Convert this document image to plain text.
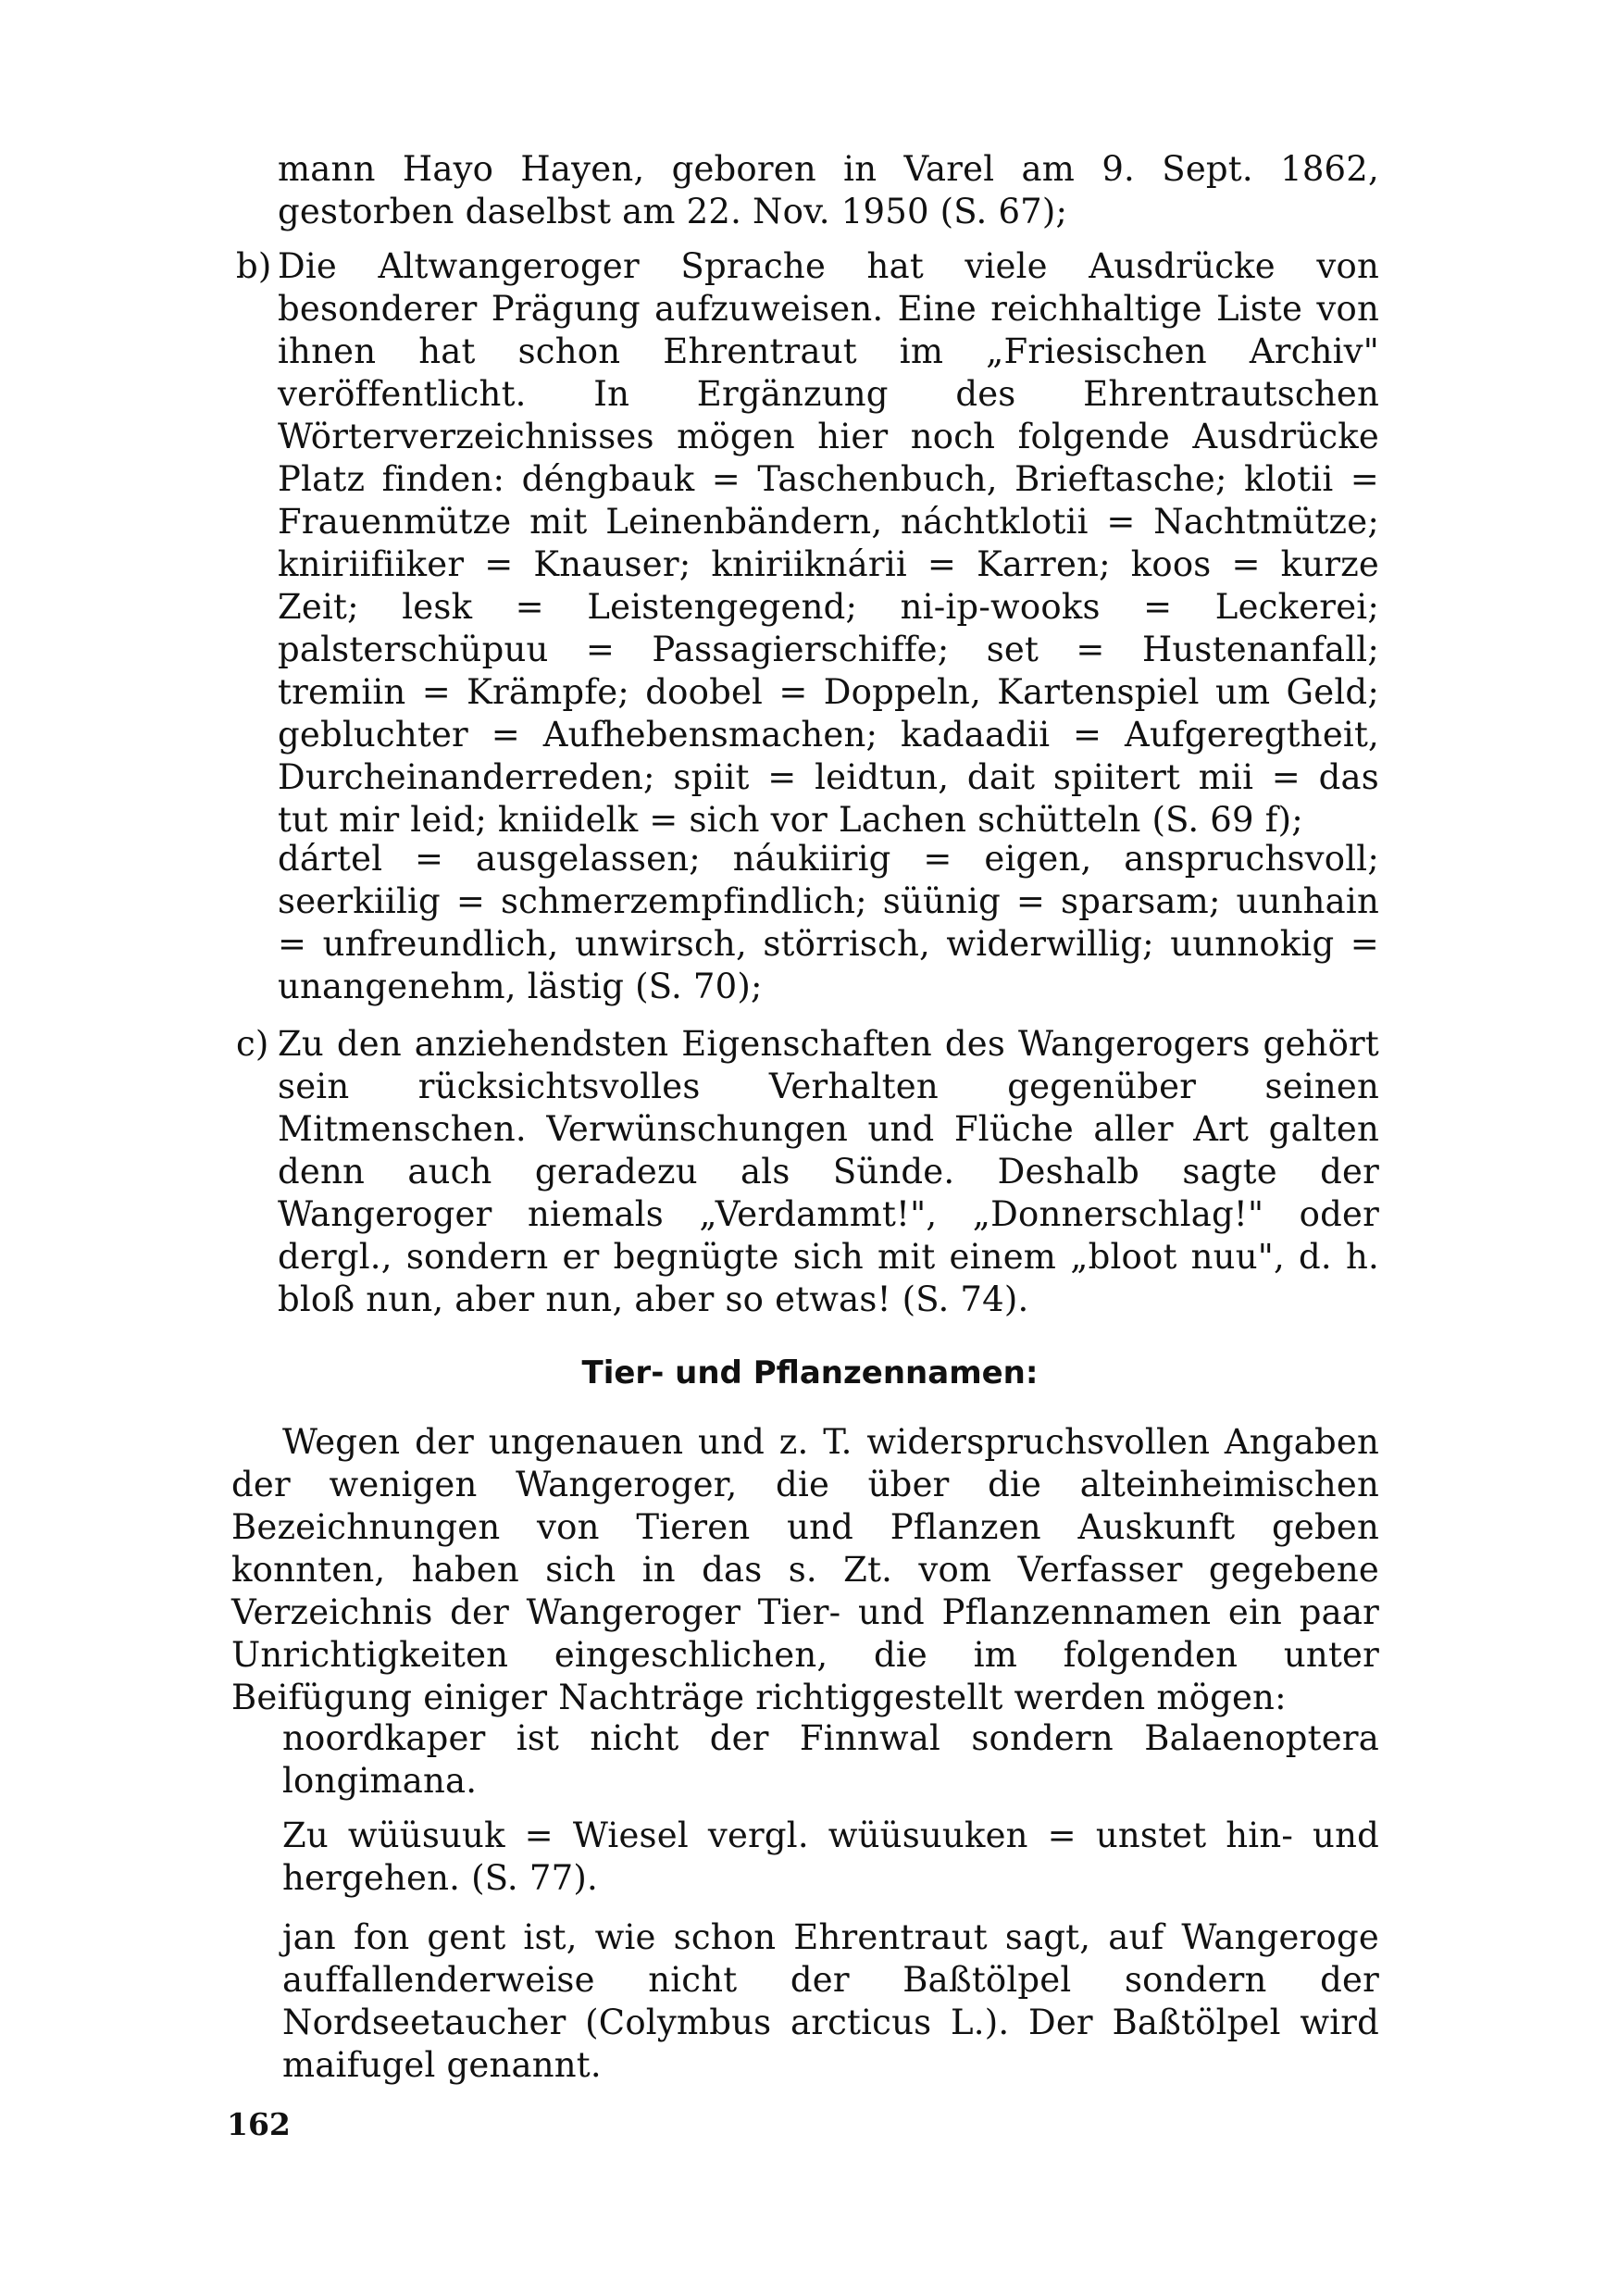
mann Hayo Hayen, geboren in Varel am 9. Sept. 1862, gestorben daselbst am 22. Nov. 1950 (S. 67);
b) Die Altwangeroger Sprache hat viele Ausdrücke von besonderer Prägung aufzuweisen. Eine reichhaltige Liste von ihnen hat schon Ehrentraut im „Friesischen Archiv" veröffentlicht. In Ergänzung des Ehrentrautschen Wörterverzeichnisses mögen hier noch folgende Ausdrücke Platz finden: déngbauk = Taschenbuch, Brieftasche; klotii = Frauenmütze mit Leinenbändern, náchtklotii = Nachtmütze; kniriifiiker = Knauser; kniriiknárii = Karren; koos = kurze Zeit; lesk = Leistengegend; ni-ip-wooks = Leckerei; palsterschüpuu = Passagierschiffe; set = Hustenanfall; tremiin = Krämpfe; doobel = Doppeln, Kartenspiel um Geld; gebluchter = Aufhebensmachen; kadaadii = Aufgeregtheit, Durcheinanderreden; spiit = leidtun, dait spiitert mii = das tut mir leid; kniidelk = sich vor Lachen schütteln (S. 69 f);
dártel = ausgelassen; náukiirig = eigen, anspruchsvoll; seerkiilig = schmerzempfindlich; süünig = sparsam; uunhain = unfreundlich, unwirsch, störrisch, widerwillig; uunnokig = unangenehm, lästig (S. 70);
c) Zu den anziehendsten Eigenschaften des Wangerogers gehört sein rücksichtsvolles Verhalten gegenüber seinen Mitmenschen. Verwünschungen und Flüche aller Art galten denn auch geradezu als Sünde. Deshalb sagte der Wangeroger niemals „Verdammt!", „Donnerschlag!" oder dergl., sondern er begnügte sich mit einem „bloot nuu", d. h. bloß nun, aber nun, aber so etwas! (S. 74).
Tier- und Pflanzennamen:
Wegen der ungenauen und z. T. widerspruchsvollen Angaben der wenigen Wangeroger, die über die alteinheimischen Bezeichnungen von Tieren und Pflanzen Auskunft geben konnten, haben sich in das s. Zt. vom Verfasser gegebene Verzeichnis der Wangeroger Tier- und Pflanzennamen ein paar Unrichtigkeiten eingeschlichen, die im folgenden unter Beifügung einiger Nachträge richtiggestellt werden mögen:
noordkaper ist nicht der Finnwal sondern Balaenoptera longimana.
Zu wüüsuuk = Wiesel vergl. wüüsuuken = unstet hin- und hergehen. (S. 77).
jan fon gent ist, wie schon Ehrentraut sagt, auf Wangeroge auffallenderweise nicht der Baßtölpel sondern der Nordseetaucher (Colymbus arcticus L.). Der Baßtölpel wird maifugel genannt.
162
